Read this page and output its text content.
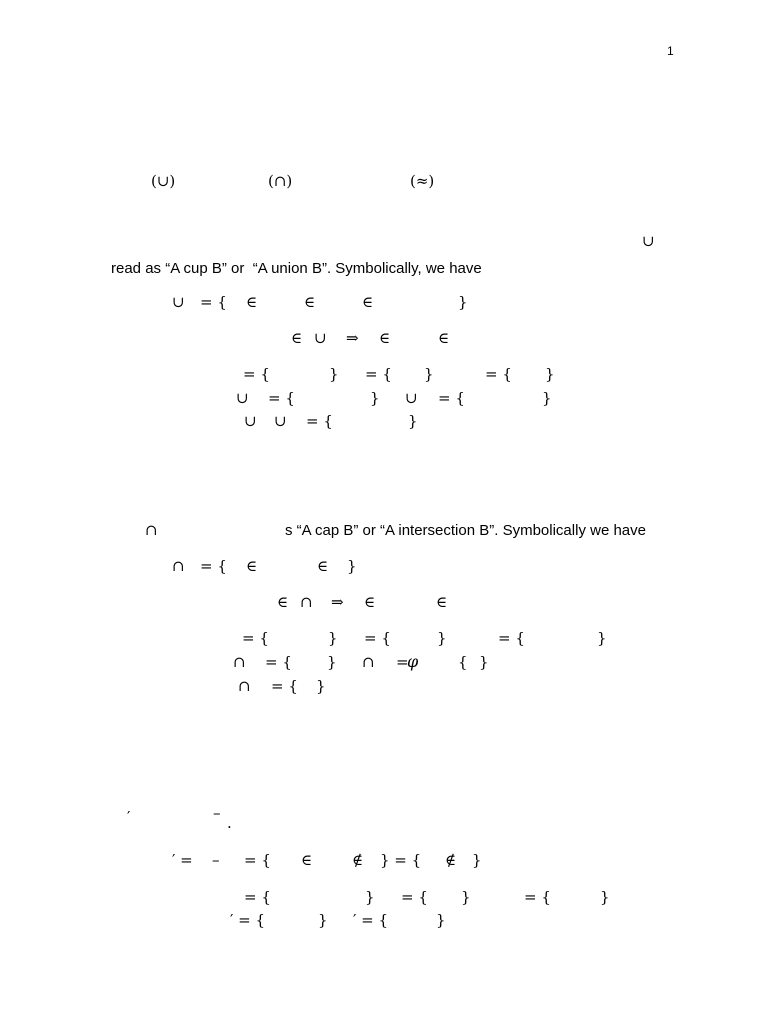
1
(∪)	(∩)	(≈)
∪
read as “A cup B” or  “A union B”. Symbolically, we have
∪ = { ∈	∈	∈	}
∈ ∪ ⇒ ∈	∈
= {	} = { }	= { }
∪ = {	} ∪ = {	}
∪ ∪ = {	}
∩	s “A cap B” or “A intersection B”. Symbolically we have
∩ = { ∈	∈ }
∈ ∩ ⇒ ∈	∈
= {	} = {	}	= {	}
∩ = { } ∩ =
φ	{ }
∩ = { }
′	–
.
′ = – = { ∈	∉ } = { ∉ }
= {	} = { }	= {	}
′ = {	} ′ = {	}
